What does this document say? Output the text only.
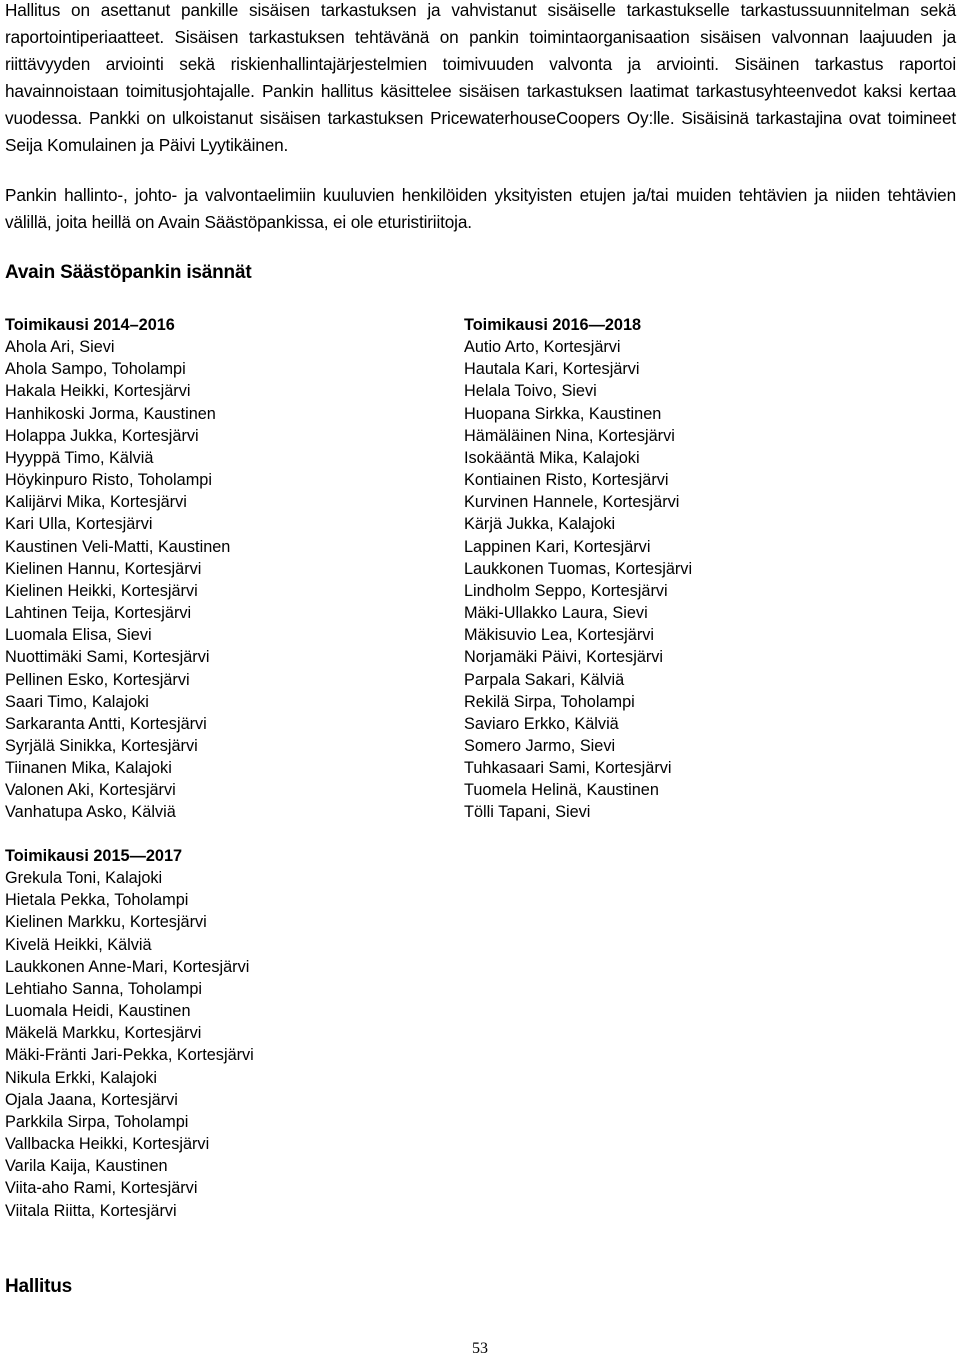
Hallitus on asettanut pankille sisäisen tarkastuksen ja vahvistanut sisäiselle tarkastukselle tarkastussuunnitelman sekä raportointiperiaatteet. Sisäisen tarkastuksen tehtävänä on pankin toimintaorganisaation sisäisen valvonnan laajuuden ja riittävyyden arviointi sekä riskienhallintajärjestelmien toimivuuden valvonta ja arviointi. Sisäinen tarkastus raportoi havainnoistaan toimitusjohtajalle. Pankin hallitus käsittelee sisäisen tarkastuksen laatimat tarkastusyhteenvedot kaksi kertaa vuodessa. Pankki on ulkoistanut sisäisen tarkastuksen PricewaterhouseCoopers Oy:lle. Sisäisinä tarkastajina ovat toimineet Seija Komulainen ja Päivi Lyytikäinen.

Pankin hallinto-, johto- ja valvontaelimiin kuuluvien henkilöiden yksityisten etujen ja/tai muiden tehtävien ja niiden tehtävien välillä, joita heillä on Avain Säästöpankissa, ei ole eturistiriitoja.

Avain Säästöpankin isännät
Toimikausi 2014–2016
Ahola Ari, Sievi
Ahola Sampo, Toholampi
Hakala Heikki, Kortesjärvi
Hanhikoski Jorma, Kaustinen
Holappa Jukka, Kortesjärvi
Hyyppä Timo, Kälviä
Höykinpuro Risto, Toholampi
Kalijärvi Mika, Kortesjärvi
Kari Ulla, Kortesjärvi
Kaustinen Veli-Matti, Kaustinen
Kielinen Hannu, Kortesjärvi
Kielinen Heikki, Kortesjärvi
Lahtinen Teija, Kortesjärvi
Luomala Elisa, Sievi
Nuottimäki Sami, Kortesjärvi
Pellinen Esko, Kortesjärvi
Saari Timo, Kalajoki
Sarkaranta Antti, Kortesjärvi
Syrjälä Sinikka, Kortesjärvi
Tiinanen Mika, Kalajoki
Valonen Aki, Kortesjärvi
Vanhatupa Asko, Kälviä
Toimikausi 2016—2018
Autio Arto, Kortesjärvi
Hautala Kari, Kortesjärvi
Helala Toivo, Sievi
Huopana Sirkka, Kaustinen
Hämäläinen Nina, Kortesjärvi
Isokääntä Mika, Kalajoki
Kontiainen Risto, Kortesjärvi
Kurvinen Hannele, Kortesjärvi
Kärjä Jukka, Kalajoki
Lappinen Kari, Kortesjärvi
Laukkonen Tuomas, Kortesjärvi
Lindholm Seppo, Kortesjärvi
Mäki-Ullakko Laura, Sievi
Mäkisuvio Lea, Kortesjärvi
Norjamäki Päivi, Kortesjärvi
Parpala Sakari, Kälviä
Rekilä Sirpa, Toholampi
Saviaro Erkko, Kälviä
Somero Jarmo, Sievi
Tuhkasaari Sami, Kortesjärvi
Tuomela Helinä, Kaustinen
Tölli Tapani, Sievi
Toimikausi 2015—2017
Grekula Toni, Kalajoki
Hietala Pekka, Toholampi
Kielinen Markku, Kortesjärvi
Kivelä Heikki, Kälviä
Laukkonen Anne-Mari, Kortesjärvi
Lehtiaho Sanna, Toholampi
Luomala Heidi, Kaustinen
Mäkelä Markku, Kortesjärvi
Mäki-Fränti Jari-Pekka, Kortesjärvi
Nikula Erkki, Kalajoki
Ojala Jaana, Kortesjärvi
Parkkila Sirpa, Toholampi
Vallbacka Heikki, Kortesjärvi
Varila Kaija, Kaustinen
Viita-aho Rami, Kortesjärvi
Viitala Riitta, Kortesjärvi
Hallitus
53
